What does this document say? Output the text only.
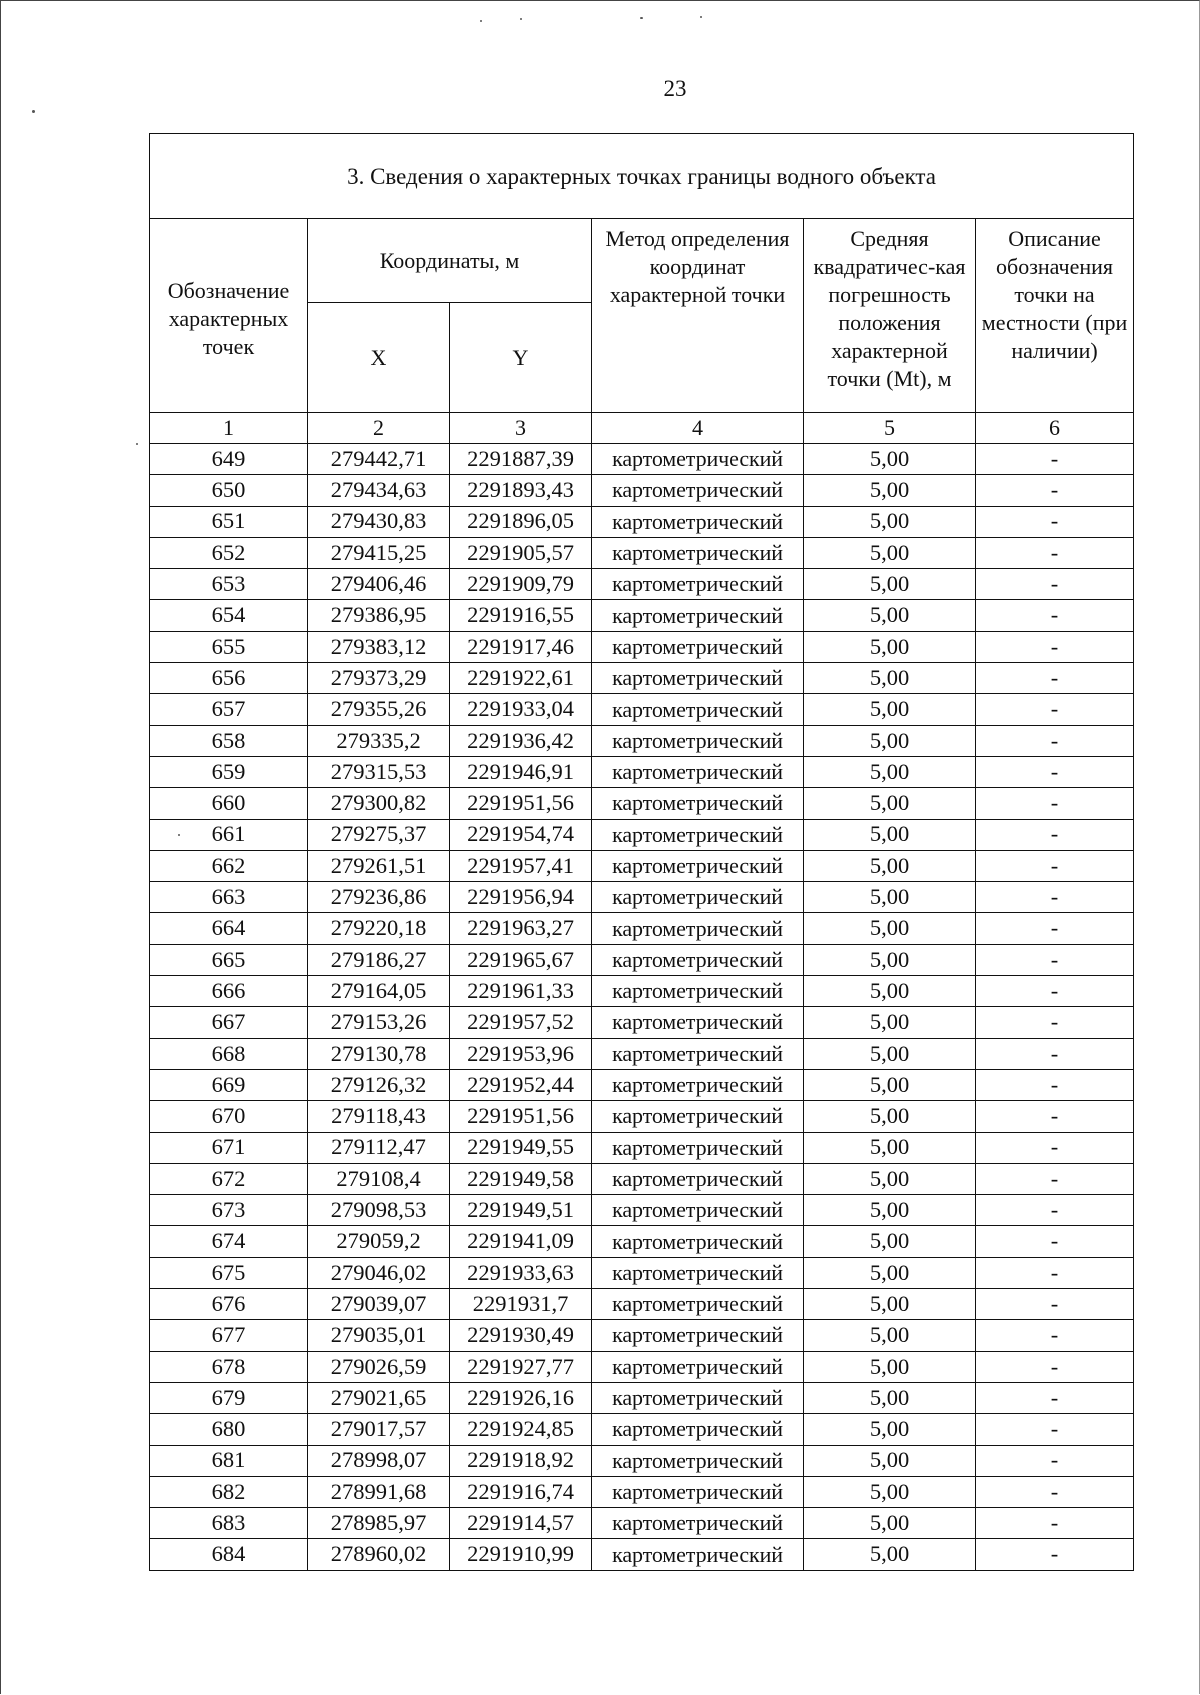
23
3. Сведения о характерных точках границы водного объекта					
Обозначение характерных точек	Координаты, м		Метод определения координат характерной точки	Средняя квадратичес-кая погрешность положения характерной точки (Mt), м	Описание обозначения точки на местности (при наличии)
	X	Y			
1	2	3	4	5	6
649	279442,71	2291887,39	картометрический	5,00	-
650	279434,63	2291893,43	картометрический	5,00	-
651	279430,83	2291896,05	картометрический	5,00	-
652	279415,25	2291905,57	картометрический	5,00	-
653	279406,46	2291909,79	картометрический	5,00	-
654	279386,95	2291916,55	картометрический	5,00	-
655	279383,12	2291917,46	картометрический	5,00	-
656	279373,29	2291922,61	картометрический	5,00	-
657	279355,26	2291933,04	картометрический	5,00	-
658	279335,2	2291936,42	картометрический	5,00	-
659	279315,53	2291946,91	картометрический	5,00	-
660	279300,82	2291951,56	картометрический	5,00	-
661	279275,37	2291954,74	картометрический	5,00	-
662	279261,51	2291957,41	картометрический	5,00	-
663	279236,86	2291956,94	картометрический	5,00	-
664	279220,18	2291963,27	картометрический	5,00	-
665	279186,27	2291965,67	картометрический	5,00	-
666	279164,05	2291961,33	картометрический	5,00	-
667	279153,26	2291957,52	картометрический	5,00	-
668	279130,78	2291953,96	картометрический	5,00	-
669	279126,32	2291952,44	картометрический	5,00	-
670	279118,43	2291951,56	картометрический	5,00	-
671	279112,47	2291949,55	картометрический	5,00	-
672	279108,4	2291949,58	картометрический	5,00	-
673	279098,53	2291949,51	картометрический	5,00	-
674	279059,2	2291941,09	картометрический	5,00	-
675	279046,02	2291933,63	картометрический	5,00	-
676	279039,07	2291931,7	картометрический	5,00	-
677	279035,01	2291930,49	картометрический	5,00	-
678	279026,59	2291927,77	картометрический	5,00	-
679	279021,65	2291926,16	картометрический	5,00	-
680	279017,57	2291924,85	картометрический	5,00	-
681	278998,07	2291918,92	картометрический	5,00	-
682	278991,68	2291916,74	картометрический	5,00	-
683	278985,97	2291914,57	картометрический	5,00	-
684	278960,02	2291910,99	картометрический	5,00	-
